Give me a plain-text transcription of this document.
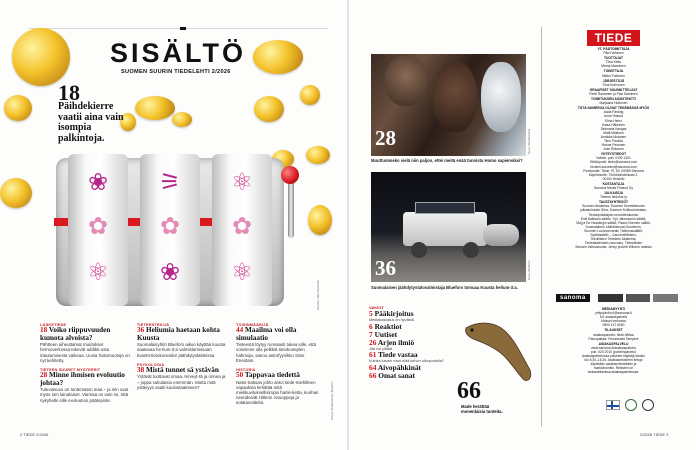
SISÄLTÖ
SUOMEN SUURIN TIEDELEHTI 2/2026
18
Päihdekierre vaatii aina vain isompia palkintoja.
❀
✿
⚛
⚞
✿
❀
⚛
✿
⚛
Kuvitus: Riku Sjöström
LÄÄKETIEDE
18 Voiko riippuvuuden kumota alvoista?
Pähtteen aiheuttamat muutokset hermoverkossa tekevät addikti-osta irtautumisesta vaikeaa. Uusia hoitomuotoja on nyt kehitetty.
TIETEEN SUURET MYSTEERIT
28 Minne ihmisen evoluutio johtaa?
Tulevaisuus on tuntematon maa – ja niin ovat myös sen lainalaiset. Varmaa on vain se, että nykyhetki sille evoluution päätepiste.
TIETEENTEKIJÄ
36 Heliumia haetaan kohta Kuusta
Suomalaisyhtiö Bluefors aikoo käyttää kuusta saatavaa he-lium-3:a valmistamissaan kvantti-tietokoneiden jäähdytyslaitteissa.
PSYKOLOGIA
38 Mistä tunnet sä ystävän
Ystävät tuottavat omaa, terveyt-tä ja onnea ja – joppa sukulaisia enemmän. Mutta mitä ystävyys vaatii kuulostaakseen?
TOISINMÄÄRIJÄ
44 Maailma voi olla simulaatio
Tieteestä löytyy runsaasti tukea sille, että voisimme olla pelkkiä tietokoneplen hahmoja, sanoo astrofyysikko Sissi Enestam.
HISTORIA
50 Tappavaa tiedettä
Natsi-Saksan johto antoi tiede-miehilleen vapauksia kehittää mitä mielikuvituksellisimpia hanki-ketta, kunhan neorideivät Hitlerin rotuoppeja ja sotatavoitteita.	Kuvat: Shutterstock, Bluefors
2 TIEDE 2/2026
28	Kuva: Shutterstock
Muuttummeko vielä niin paljon, ettei meitä enää tunnista Homo sapiensiksi?
36	Kuva: Bluefors
Suomalaisen jäähdytystalovalmistaja Bluefors tomuaa Kuusta helium-3:a.
VAKIOT
5 Pääkirjoitus
Mediakasvatus on hyvästä.
6 Reaktiot
7 Uutiset
26 Arjen ilmiö
Jää voi ylittää.
61 Tiede vastaa
Kuinka kauan virus elää kehon ulkopuolella?
64 Aivopähkinät
66 Omat sanat
66
Made herättää monenlaisia tunteita.
TIEDE
VT. PÄÄTOIMITTAJA
Päivi Virtanen
TUOTTAJAT
Tiina Kettu
Minna Manninen
TOIMITTAJA
Mikko Puttonen
JÄRJESTÄJÄ
Tiina Korhonen
GRAAFISET SUUNNITTELIJAT
Pertti Rantanen ja Pasi Salminen
TOIMITUKSEN ASSISTENTTI
Marjaana Huttunen
TÄTÄ NUMEROA OLIVAT TEKEMÄSSÄ MYÖS
Aada Färding
Anne Hakola
Elina Heino
Kaisa Häkkinen
Sinimaria Kangas
Matti Mäkinen
Annikka Mutanen
Timo Paukku
Hanna Pesonen
Jose Riikonen
YHTEYSTIEDOT
Vaihde: puh. 0190 1301
Sähköposti: tiede@sanoma.com
etunimi.sukunimi@sanoma.com
Postiosoite: Tiede, PL 60, 00089 Sanoma
Käyntiosoite: Töölönlahdenkatu 2,
00100 Helsinki
KUSTANTAJA
Sanoma Media Finland Oy
JULKAISIJA
Tieteen tiedotus ry
TAUSTAYHTEISÖT
Suomen Akatemia, Suomen Kemistiseuran
julkaisuhanke Sitra, Suomen Kulttuurirahasto,
Tiedonjulkaisijain neuvottelukunta,
Emil Aaltosen säätiö, Yrjö Jahnssonin säätiö,
Maj ja Tor Nesslingin säätiö, Paavo Nurmen säätiö,
Suomalainen Lääkäriseura Duodecim,
Suomen Luonnonvarain Tutkimussäätiö,
Sydänsäätiö – Cancerstiftelsen,
Teknillisten Tieteiden Akatemia,
Tiedeakatemiain neuvosto, Tieteellisten
Seurain Valtuuskunta, Jenny ja Antti Wihurin rahasto
sanoma
MEDIAMYYNTI
yritysjohdin.fi@sanoma.fi
Kit. asiakaspalvelu
Maksut verkossa
0800 147 6060
TILAUKSET
asiakaspalvelu: tiede.fi/tilaa
Painopaikka: Punamusta Tampere
ASIAKASPALVELU
www.sanoma.fi/asiakaspalvelu
puh. 020 2010 (puhelinpalvelu)
Asiakaspalvelussa palvelee käyttäjä arkisin
klo 8.30–16.30. Asiakasrekisterin tietoja
käytetään asiakasviestintään ja
markkinointiin. Rekisteri on
tarkasteltavissa asiakaspalvelussa.
2/2026 TIEDE 3
